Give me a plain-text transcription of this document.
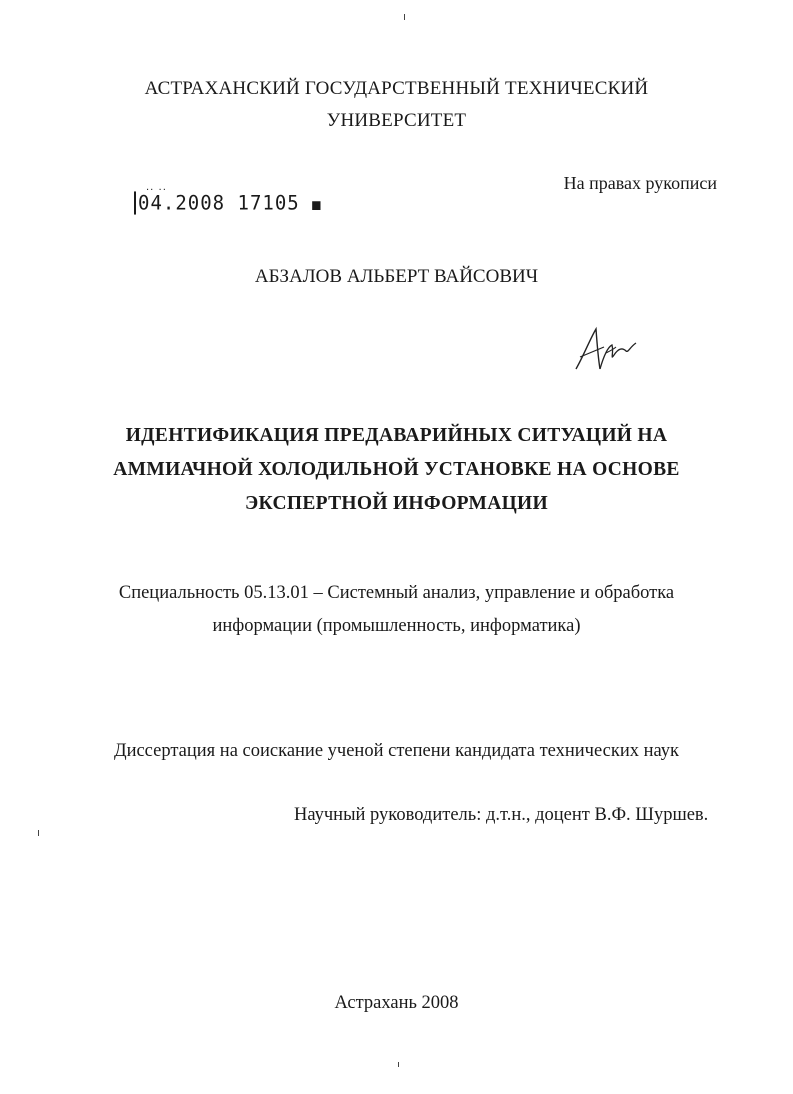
АСТРАХАНСКИЙ ГОСУДАРСТВЕННЫЙ ТЕХНИЧЕСКИЙ
УНИВЕРСИТЕТ
На правах рукописи
.. ..
04.2008 17105 ■
АБЗАЛОВ АЛЬБЕРТ ВАЙСОВИЧ
ИДЕНТИФИКАЦИЯ ПРЕДАВАРИЙНЫХ СИТУАЦИЙ НА
АММИАЧНОЙ ХОЛОДИЛЬНОЙ УСТАНОВКЕ НА ОСНОВЕ
ЭКСПЕРТНОЙ ИНФОРМАЦИИ
Специальность 05.13.01 – Системный анализ, управление и обработка
информации (промышленность, информатика)
Диссертация на соискание ученой степени кандидата технических наук
Научный руководитель: д.т.н., доцент В.Ф. Шуршев.
Астрахань 2008
